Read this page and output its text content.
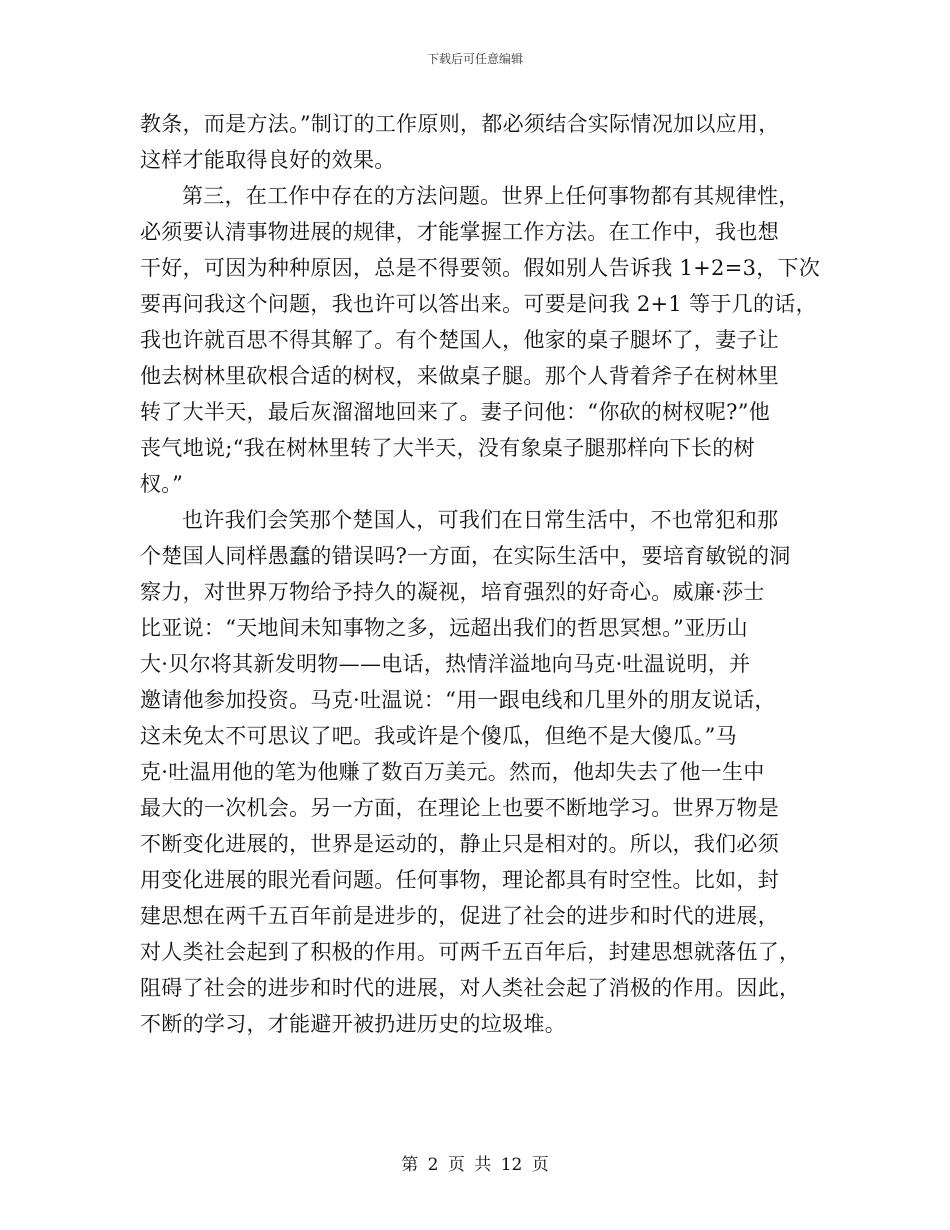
下载后可任意编辑
教条，而是方法。”制订的工作原则，都必须结合实际情况加以应用，
这样才能取得良好的效果。
第三，在工作中存在的方法问题。世界上任何事物都有其规律性，
必须要认清事物进展的规律，才能掌握工作方法。在工作中，我也想
干好，可因为种种原因，总是不得要领。假如别人告诉我 1+2=3，下次
要再问我这个问题，我也许可以答出来。可要是问我 2+1 等于几的话，
我也许就百思不得其解了。有个楚国人，他家的桌子腿坏了，妻子让
他去树林里砍根合适的树杈，来做桌子腿。那个人背着斧子在树林里
转了大半天，最后灰溜溜地回来了。妻子问他：“你砍的树杈呢?”他
丧气地说;“我在树林里转了大半天，没有象桌子腿那样向下长的树
杈。”
也许我们会笑那个楚国人，可我们在日常生活中，不也常犯和那
个楚国人同样愚蠢的错误吗?一方面，在实际生活中，要培育敏锐的洞
察力，对世界万物给予持久的凝视，培育强烈的好奇心。威廉·莎士
比亚说：“天地间未知事物之多，远超出我们的哲思冥想。”亚历山
大·贝尔将其新发明物——电话，热情洋溢地向马克·吐温说明，并
邀请他参加投资。马克·吐温说：“用一跟电线和几里外的朋友说话，
这未免太不可思议了吧。我或许是个傻瓜，但绝不是大傻瓜。”马
克·吐温用他的笔为他赚了数百万美元。然而，他却失去了他一生中
最大的一次机会。另一方面，在理论上也要不断地学习。世界万物是
不断变化进展的，世界是运动的，静止只是相对的。所以，我们必须
用变化进展的眼光看问题。任何事物，理论都具有时空性。比如，封
建思想在两千五百年前是进步的，促进了社会的进步和时代的进展，
对人类社会起到了积极的作用。可两千五百年后，封建思想就落伍了，
阻碍了社会的进步和时代的进展，对人类社会起了消极的作用。因此，
不断的学习，才能避开被扔进历史的垃圾堆。
第 2 页 共 12 页
